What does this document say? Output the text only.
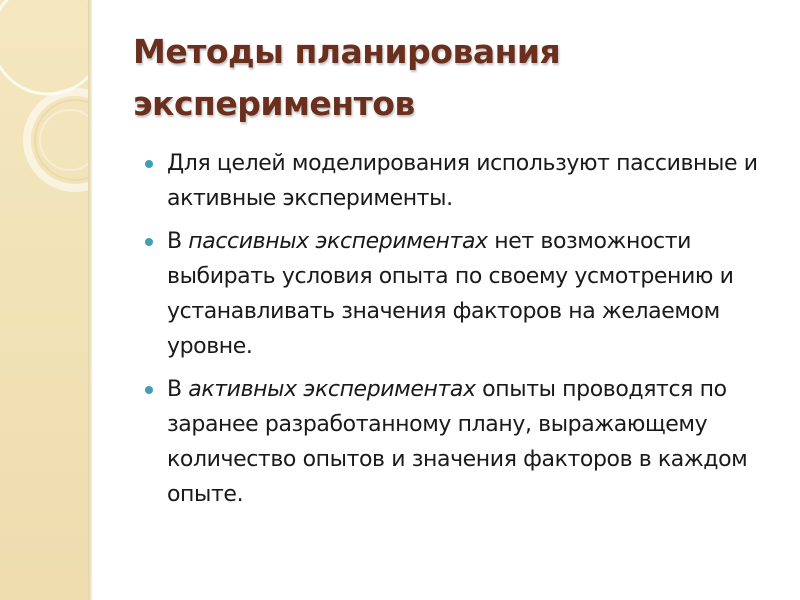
Методы планирования экспериментов
Для целей моделирования используют пассивные и активные эксперименты.
В пассивных экспериментах нет возможности выбирать условия опыта по своему усмотрению и устанавливать значения факторов на желаемом уровне.
В активных экспериментах опыты проводятся по заранее разработанному плану, выражающему количество опытов и значения факторов в каждом опыте.
